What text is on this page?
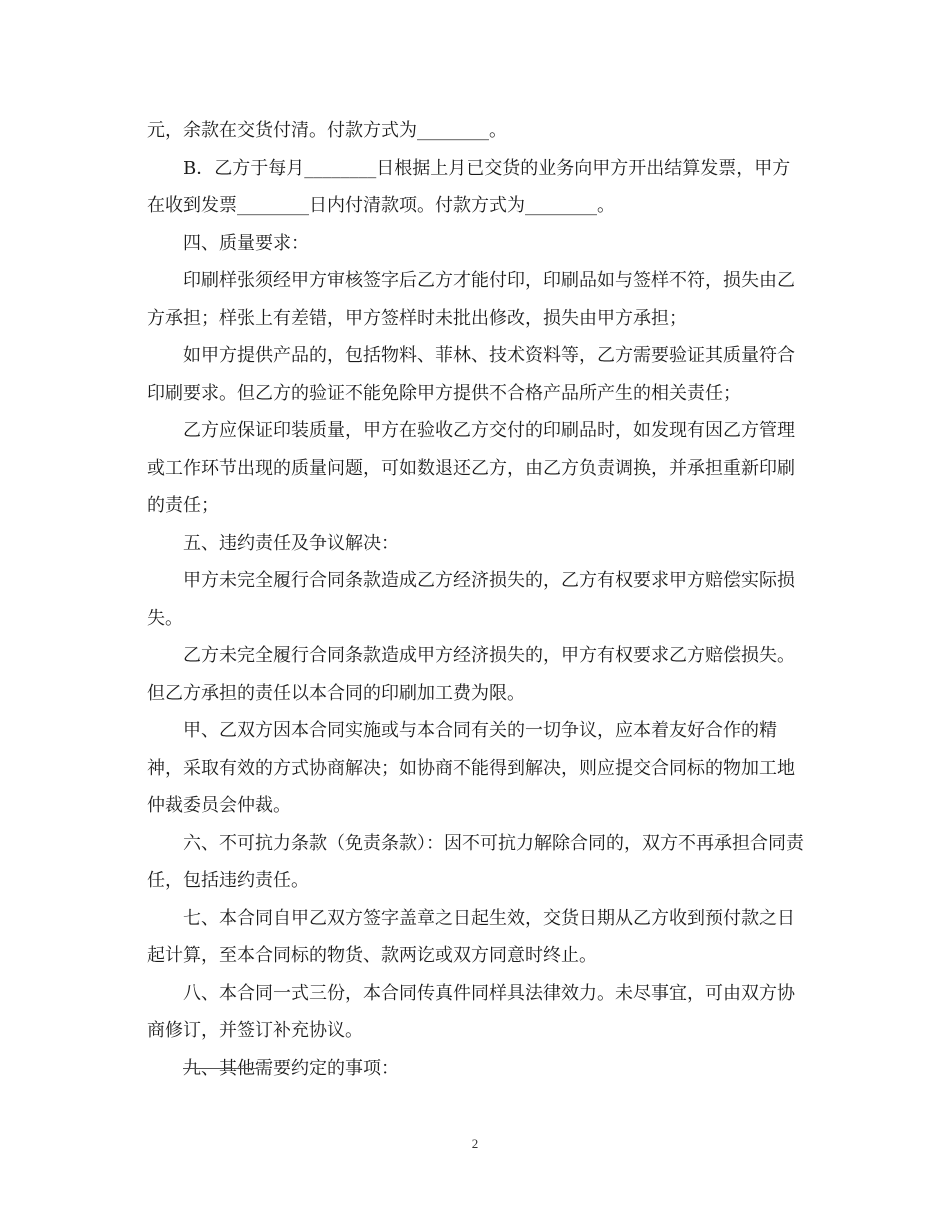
元，余款在交货付清。付款方式为________。

B．乙方于每月________日根据上月已交货的业务向甲方开出结算发票，甲方在收到发票________日内付清款项。付款方式为________。

四、质量要求：

印刷样张须经甲方审核签字后乙方才能付印，印刷品如与签样不符，损失由乙方承担；样张上有差错，甲方签样时未批出修改，损失由甲方承担；

如甲方提供产品的，包括物料、菲林、技术资料等，乙方需要验证其质量符合印刷要求。但乙方的验证不能免除甲方提供不合格产品所产生的相关责任；

乙方应保证印装质量，甲方在验收乙方交付的印刷品时，如发现有因乙方管理或工作环节出现的质量问题，可如数退还乙方，由乙方负责调换，并承担重新印刷的责任；

五、违约责任及争议解决：

甲方未完全履行合同条款造成乙方经济损失的，乙方有权要求甲方赔偿实际损失。

乙方未完全履行合同条款造成甲方经济损失的，甲方有权要求乙方赔偿损失。但乙方承担的责任以本合同的印刷加工费为限。

甲、乙双方因本合同实施或与本合同有关的一切争议，应本着友好合作的精神，采取有效的方式协商解决；如协商不能得到解决，则应提交合同标的物加工地仲裁委员会仲裁。

六、不可抗力条款（免责条款）：因不可抗力解除合同的，双方不再承担合同责任，包括违约责任。

七、本合同自甲乙双方签字盖章之日起生效，交货日期从乙方收到预付款之日起计算，至本合同标的物货、款两讫或双方同意时终止。

八、本合同一式三份，本合同传真件同样具法律效力。未尽事宜，可由双方协商修订，并签订补充协议。

九、其他需要约定的事项：

2
